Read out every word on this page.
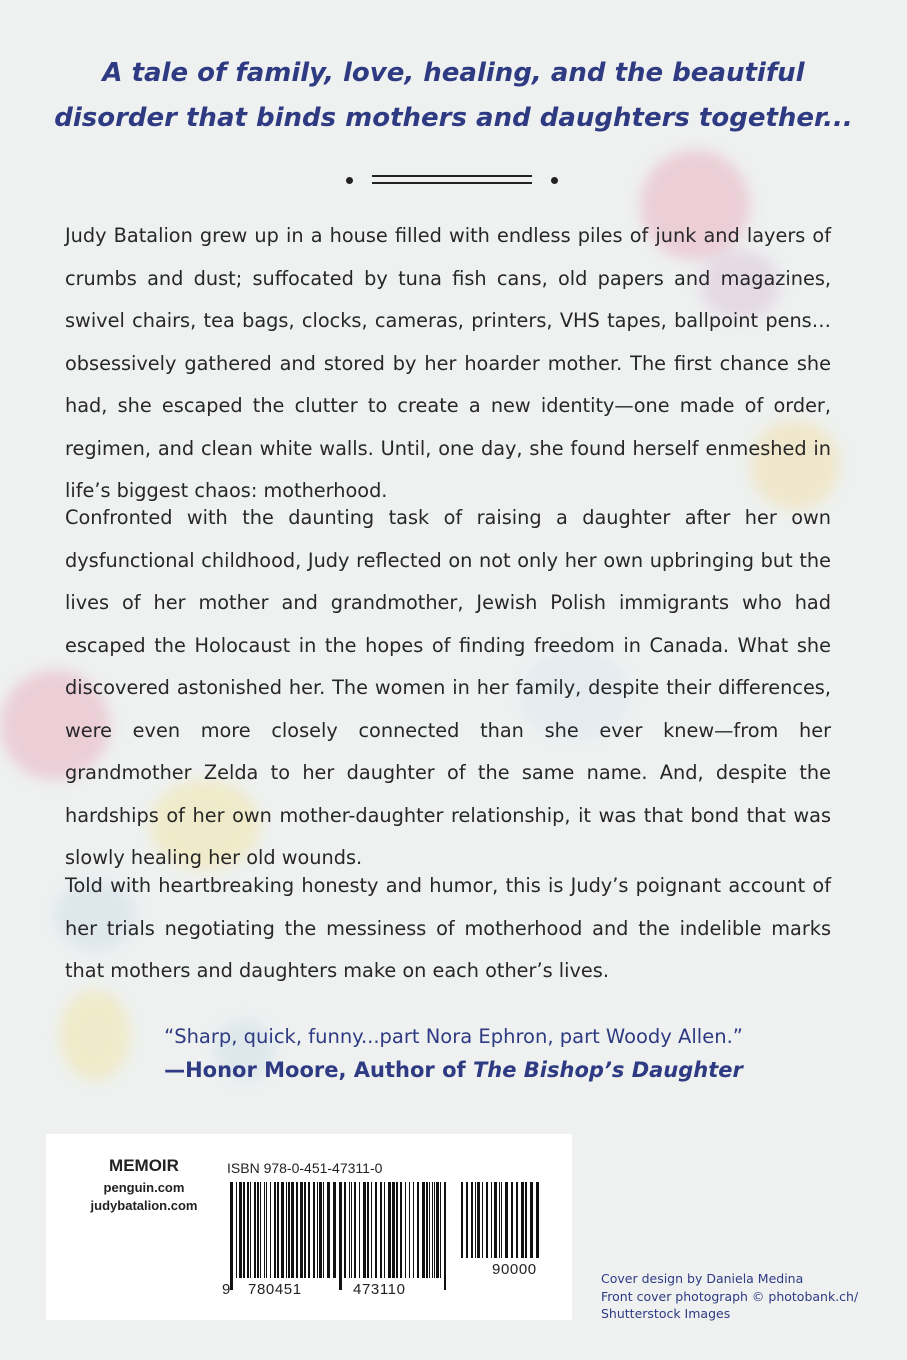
A tale of family, love, healing, and the beautiful
disorder that binds mothers and daughters together...

Judy Batalion grew up in a house filled with endless piles of junk and layers of crumbs and dust; suffocated by tuna fish cans, old papers and magazines, swivel chairs, tea bags, clocks, cameras, printers, VHS tapes, ballpoint pens…obsessively gathered and stored by her hoarder mother. The first chance she had, she escaped the clutter to create a new identity—one made of order, regimen, and clean white walls. Until, one day, she found herself enmeshed in life’s biggest chaos: motherhood.

Confronted with the daunting task of raising a daughter after her own dysfunctional childhood, Judy reflected on not only her own upbringing but the lives of her mother and grandmother, Jewish Polish immigrants who had escaped the Holocaust in the hopes of finding freedom in Canada. What she discovered astonished her. The women in her family, despite their differences, were even more closely connected than she ever knew—from her grandmother Zelda to her daughter of the same name. And, despite the hardships of her own mother-daughter relationship, it was that bond that was slowly healing her old wounds.

Told with heartbreaking honesty and humor, this is Judy’s poignant account of her trials negotiating the messiness of motherhood and the indelible marks that mothers and daughters make on each other’s lives.

“Sharp, quick, funny...part Nora Ephron, part Woody Allen.”
—Honor Moore, Author of The Bishop’s Daughter
MEMOIR
penguin.com
judybatalion.com
ISBN 978-0-451-47311-0
9 780451	473110
90000
Cover design by Daniela Medina
Front cover photograph © photobank.ch/
Shutterstock Images
